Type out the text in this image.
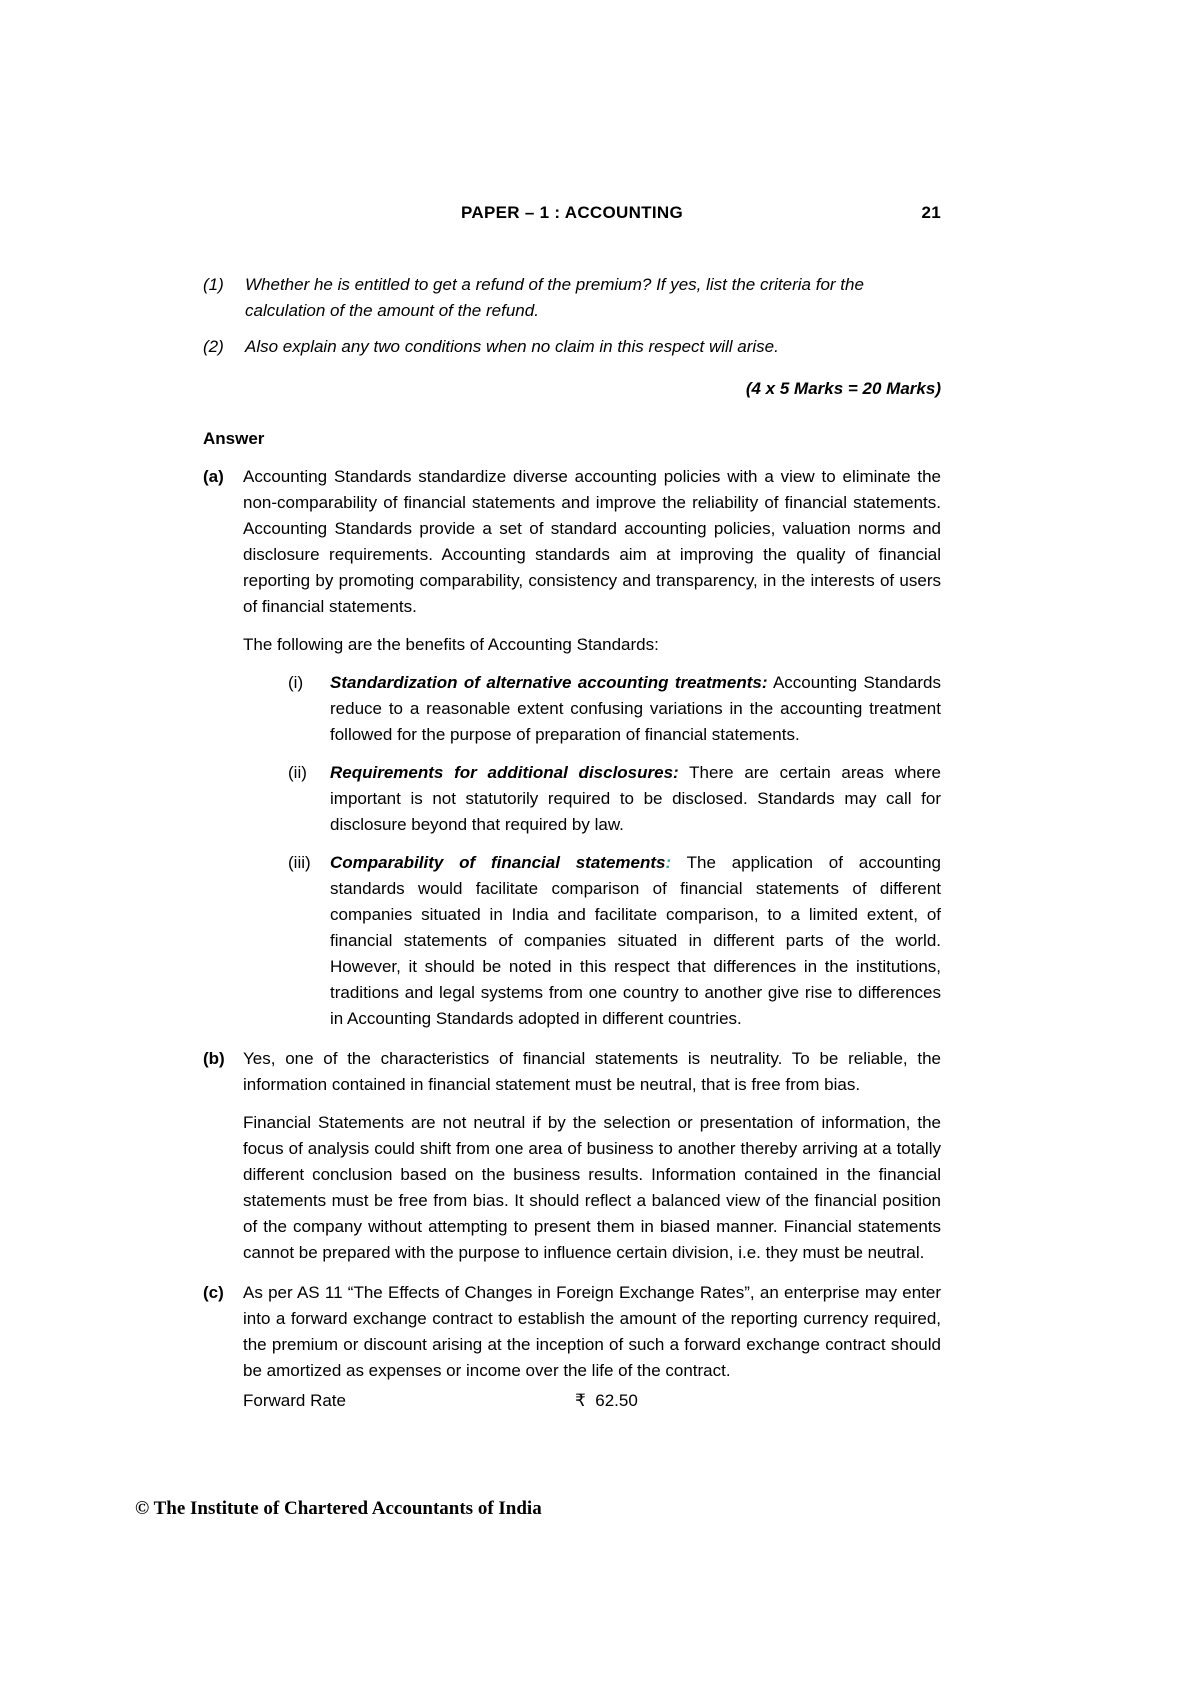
PAPER – 1 : ACCOUNTING	21
(1)	Whether he is entitled to get a refund of the premium? If yes, list the criteria for the calculation of the amount of the refund.
(2)	Also explain any two conditions when no claim in this respect will arise.
(4 x 5 Marks = 20 Marks)
Answer
(a)	Accounting Standards standardize diverse accounting policies with a view to eliminate the non-comparability of financial statements and improve the reliability of financial statements. Accounting Standards provide a set of standard accounting policies, valuation norms and disclosure requirements. Accounting standards aim at improving the quality of financial reporting by promoting comparability, consistency and transparency, in the interests of users of financial statements.

The following are the benefits of Accounting Standards:

(i)	Standardization of alternative accounting treatments: Accounting Standards reduce to a reasonable extent confusing variations in the accounting treatment followed for the purpose of preparation of financial statements.
(ii)	Requirements for additional disclosures: There are certain areas where important is not statutorily required to be disclosed. Standards may call for disclosure beyond that required by law.
(iii)	Comparability of financial statements: The application of accounting standards would facilitate comparison of financial statements of different companies situated in India and facilitate comparison, to a limited extent, of financial statements of companies situated in different parts of the world. However, it should be noted in this respect that differences in the institutions, traditions and legal systems from one country to another give rise to differences in Accounting Standards adopted in different countries.
(b)	Yes, one of the characteristics of financial statements is neutrality. To be reliable, the information contained in financial statement must be neutral, that is free from bias.

Financial Statements are not neutral if by the selection or presentation of information, the focus of analysis could shift from one area of business to another thereby arriving at a totally different conclusion based on the business results. Information contained in the financial statements must be free from bias. It should reflect a balanced view of the financial position of the company without attempting to present them in biased manner. Financial statements cannot be prepared with the purpose to influence certain division, i.e. they must be neutral.

(c)	As per AS 11 “The Effects of Changes in Foreign Exchange Rates”, an enterprise may enter into a forward exchange contract to establish the amount of the reporting currency required, the premium or discount arising at the inception of such a forward exchange contract should be amortized as expenses or income over the life of the contract.

Forward Rate	₹  62.50
© The Institute of Chartered Accountants of India
